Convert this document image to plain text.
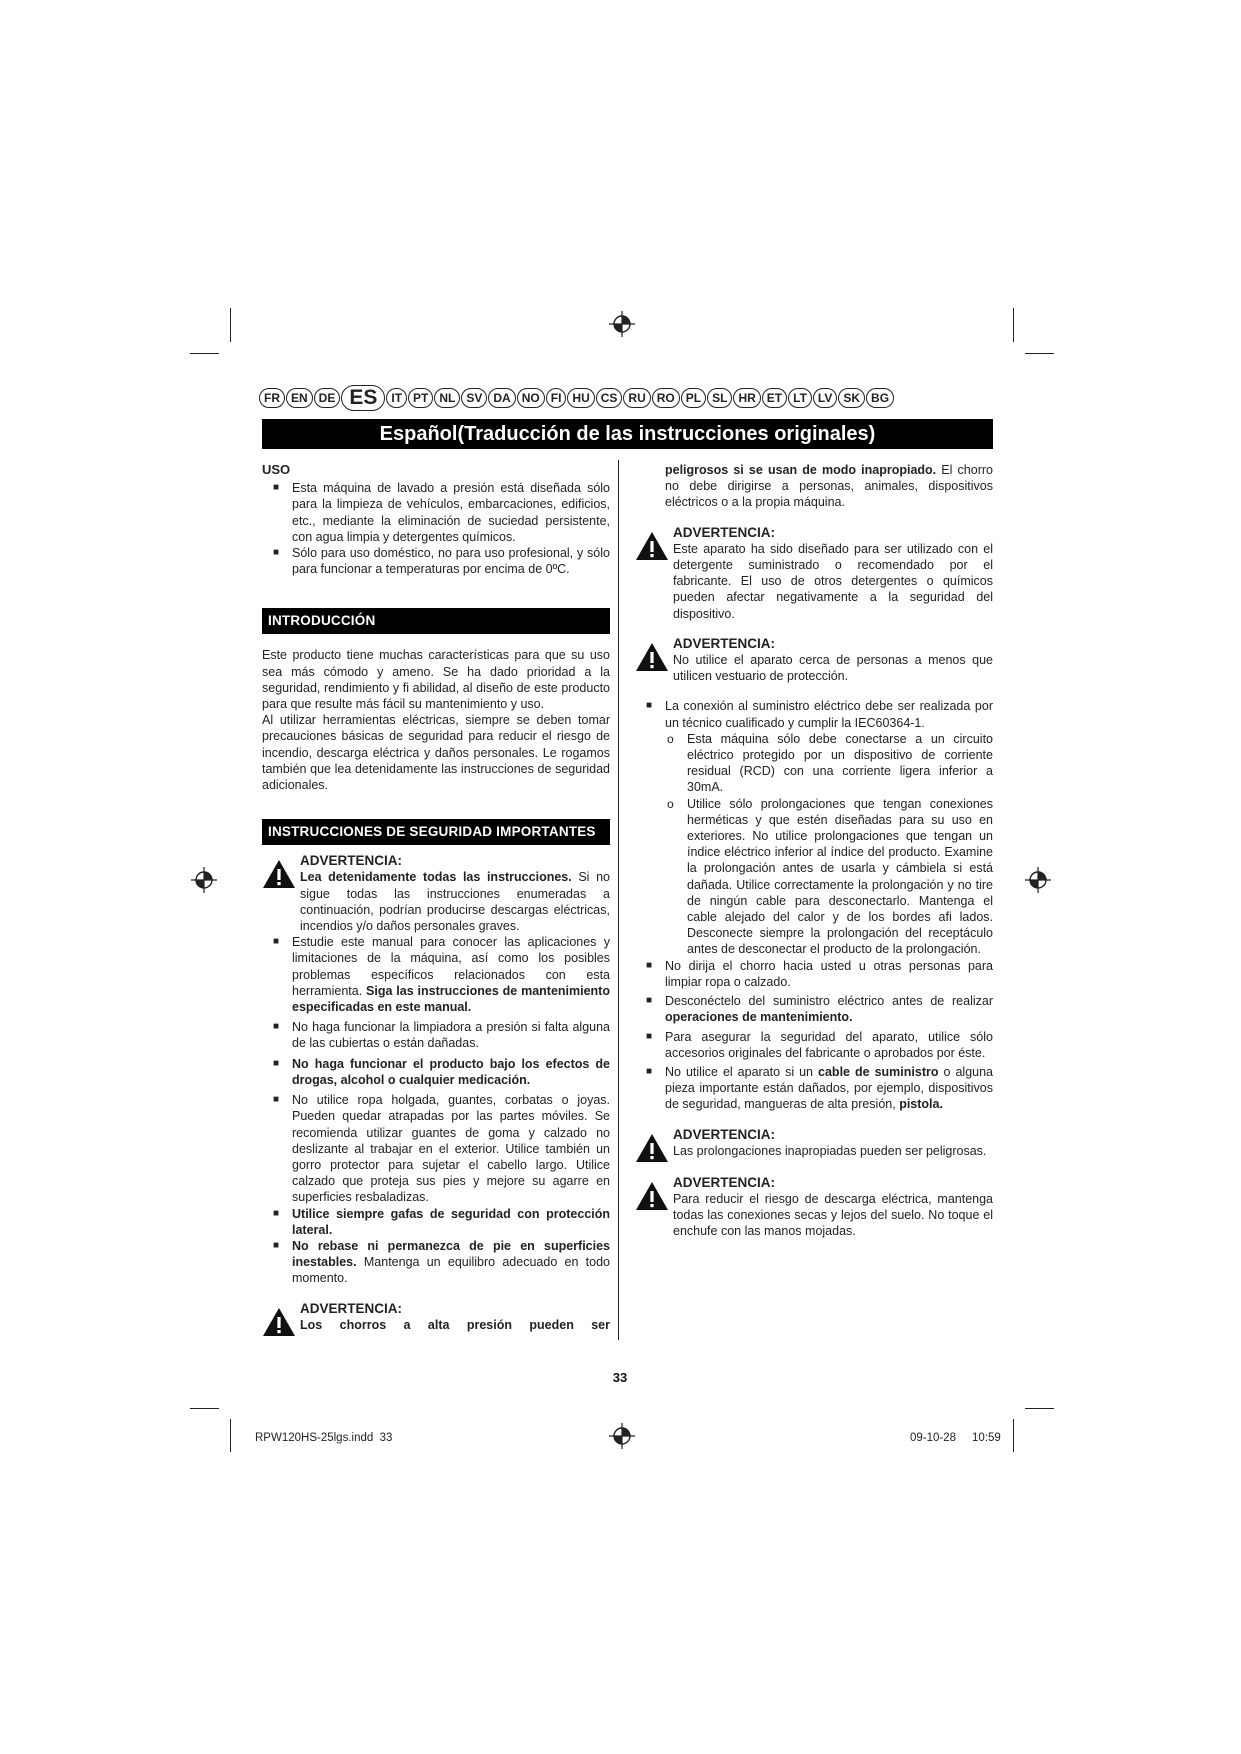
FR EN DE ES	IT PT NL SV DA NO FI HU CS RU RO PL SL HR ET LT LV SK BG
Español(Traducción de las instrucciones originales)
USO

■ Esta máquina de lavado a presión está diseñada sólo para la limpieza de vehículos, embarcaciones, edificios, etc., mediante la eliminación de suciedad persistente, con agua limpia y detergentes químicos.

■ Sólo para uso doméstico, no para uso profesional, y sólo para funcionar a temperaturas por encima de 0ºC.

INTRODUCCIÓN

Este producto tiene muchas características para que su uso sea más cómodo y ameno. Se ha dado prioridad a la seguridad, rendimiento y fi abilidad, al diseño de este producto para que resulte más fácil su mantenimiento y uso.

Al utilizar herramientas eléctricas, siempre se deben tomar precauciones básicas de seguridad para reducir el riesgo de incendio, descarga eléctrica y daños personales. Le rogamos también que lea detenidamente las instrucciones de seguridad adicionales.

INSTRUCCIONES DE SEGURIDAD IMPORTANTES
ADVERTENCIA:
Lea detenidamente todas las instrucciones. Si no sigue todas las instrucciones enumeradas a continuación, podrían producirse descargas eléctricas, incendios y/o daños personales graves.

■ Estudie este manual para conocer las aplicaciones y limitaciones de la máquina, así como los posibles problemas específicos relacionados con esta herramienta. Siga las instrucciones de mantenimiento especificadas en este manual.

■ No haga funcionar la limpiadora a presión si falta alguna de las cubiertas o están dañadas.

■ No haga funcionar el producto bajo los efectos de drogas, alcohol o cualquier medicación.

■ No utilice ropa holgada, guantes, corbatas o joyas. Pueden quedar atrapadas por las partes móviles. Se recomienda utilizar guantes de goma y calzado no deslizante al trabajar en el exterior. Utilice también un gorro protector para sujetar el cabello largo. Utilice calzado que proteja sus pies y mejore su agarre en superficies resbaladizas.

■ Utilice siempre gafas de seguridad con protección lateral.

■ No rebase ni permanezca de pie en superficies inestables. Mantenga un equilibro adecuado en todo momento.

ADVERTENCIA:
Los chorros a alta presión pueden ser

peligrosos si se usan de modo inapropiado. El chorro no debe dirigirse a personas, animales, dispositivos eléctricos o a la propia máquina.

ADVERTENCIA:
Este aparato ha sido diseñado para ser utilizado con el detergente suministrado o recomendado por el fabricante. El uso de otros detergentes o químicos pueden afectar negativamente a la seguridad del dispositivo.
ADVERTENCIA:
No utilice el aparato cerca de personas a menos que utilicen vestuario de protección.

■ La conexión al suministro eléctrico debe ser realizada por un técnico cualificado y cumplir la IEC60364-1.

o Esta máquina sólo debe conectarse a un circuito eléctrico protegido por un dispositivo de corriente residual (RCD) con una corriente ligera inferior a 30mA.

o Utilice sólo prolongaciones que tengan conexiones herméticas y que estén diseñadas para su uso en exteriores. No utilice prolongaciones que tengan un índice eléctrico inferior al índice del producto. Examine la prolongación antes de usarla y cámbiela si está dañada. Utilice correctamente la prolongación y no tire de ningún cable para desconectarlo. Mantenga el cable alejado del calor y de los bordes afi lados. Desconecte siempre la prolongación del receptáculo antes de desconectar el producto de la prolongación.

■ No dirija el chorro hacia usted u otras personas para limpiar ropa o calzado.

■ Desconéctelo del suministro eléctrico antes de realizar operaciones de mantenimiento.

■ Para asegurar la seguridad del aparato, utilice sólo accesorios originales del fabricante o aprobados por éste.

■ No utilice el aparato si un cable de suministro o alguna pieza importante están dañados, por ejemplo, dispositivos de seguridad, mangueras de alta presión, pistola.

ADVERTENCIA:
Las prolongaciones inapropiadas pueden ser peligrosas.
ADVERTENCIA:
Para reducir el riesgo de descarga eléctrica, mantenga todas las conexiones secas y lejos del suelo. No toque el enchufe con las manos mojadas.
33
RPW120HS-25lgs.indd 33	09-10-28 10:59
